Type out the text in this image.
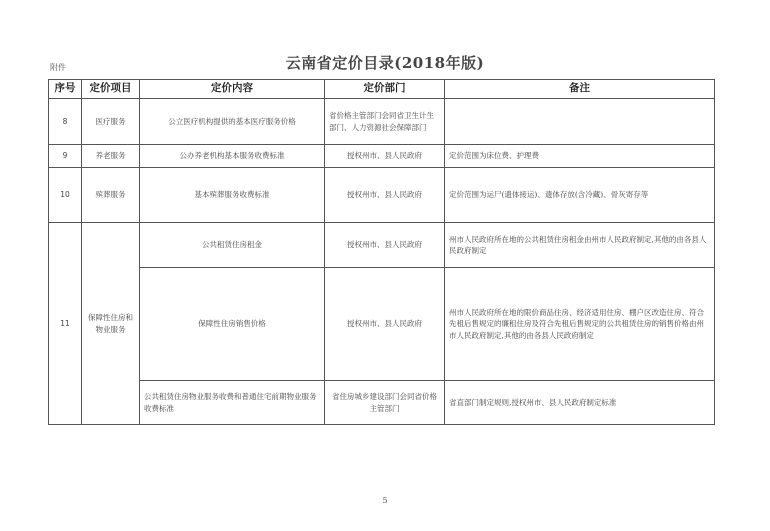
附件	云南省定价目录(2018年版)
序号	定价项目	定价内容	定价部门	备注
8	医疗服务	公立医疗机构提供的基本医疗服务价格	省价格主管部门会同省卫生计生部门、人力资源社会保障部门	
9	养老服务	公办养老机构基本服务收费标准	授权州市、县人民政府	定价范围为床位费、护理费
10	殡葬服务	基本殡葬服务收费标准	授权州市、县人民政府	定价范围为运尸(遗体接运)、遗体存放(含冷藏)、骨灰寄存等
11	保障性住房和物业服务	公共租赁住房租金	授权州市、县人民政府	州市人民政府所在地的公共租赁住房租金由州市人民政府制定,其他的由各县人民政府制定
		保障性住房销售价格	授权州市、县人民政府	州市人民政府所在地的限价商品住房、经济适用住房、棚户区改造住房、符合先租后售规定的廉租住房及符合先租后售规定的公共租赁住房的销售价格由州市人民政府制定,其他的由各县人民政府制定
		公共租赁住房物业服务收费和普通住宅前期物业服务收费标准	省住房城乡建设部门会同省价格主管部门	省直部门制定规则,授权州市、县人民政府制定标准
5
